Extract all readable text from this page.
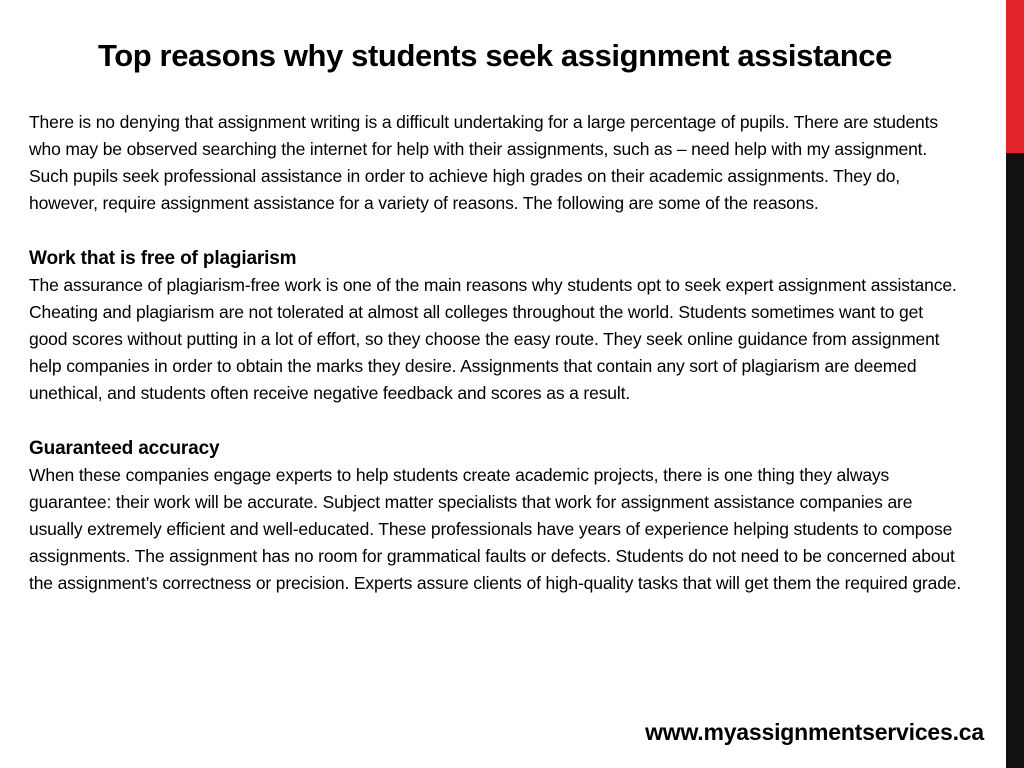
Top reasons why students seek assignment assistance

There is no denying that assignment writing is a difficult undertaking for a large percentage of pupils. There are students who may be observed searching the internet for help with their assignments, such as – need help with my assignment. Such pupils seek professional assistance in order to achieve high grades on their academic assignments. They do, however, require assignment assistance for a variety of reasons. The following are some of the reasons.

Work that is free of plagiarism

The assurance of plagiarism-free work is one of the main reasons why students opt to seek expert assignment assistance. Cheating and plagiarism are not tolerated at almost all colleges throughout the world. Students sometimes want to get good scores without putting in a lot of effort, so they choose the easy route. They seek online guidance from assignment help companies in order to obtain the marks they desire. Assignments that contain any sort of plagiarism are deemed unethical, and students often receive negative feedback and scores as a result.

Guaranteed accuracy

When these companies engage experts to help students create academic projects, there is one thing they always guarantee: their work will be accurate. Subject matter specialists that work for assignment assistance companies are usually extremely efficient and well-educated. These professionals have years of experience helping students to compose assignments. The assignment has no room for grammatical faults or defects. Students do not need to be concerned about the assignment’s correctness or precision. Experts assure clients of high-quality tasks that will get them the required grade.

www.myassignmentservices.ca
